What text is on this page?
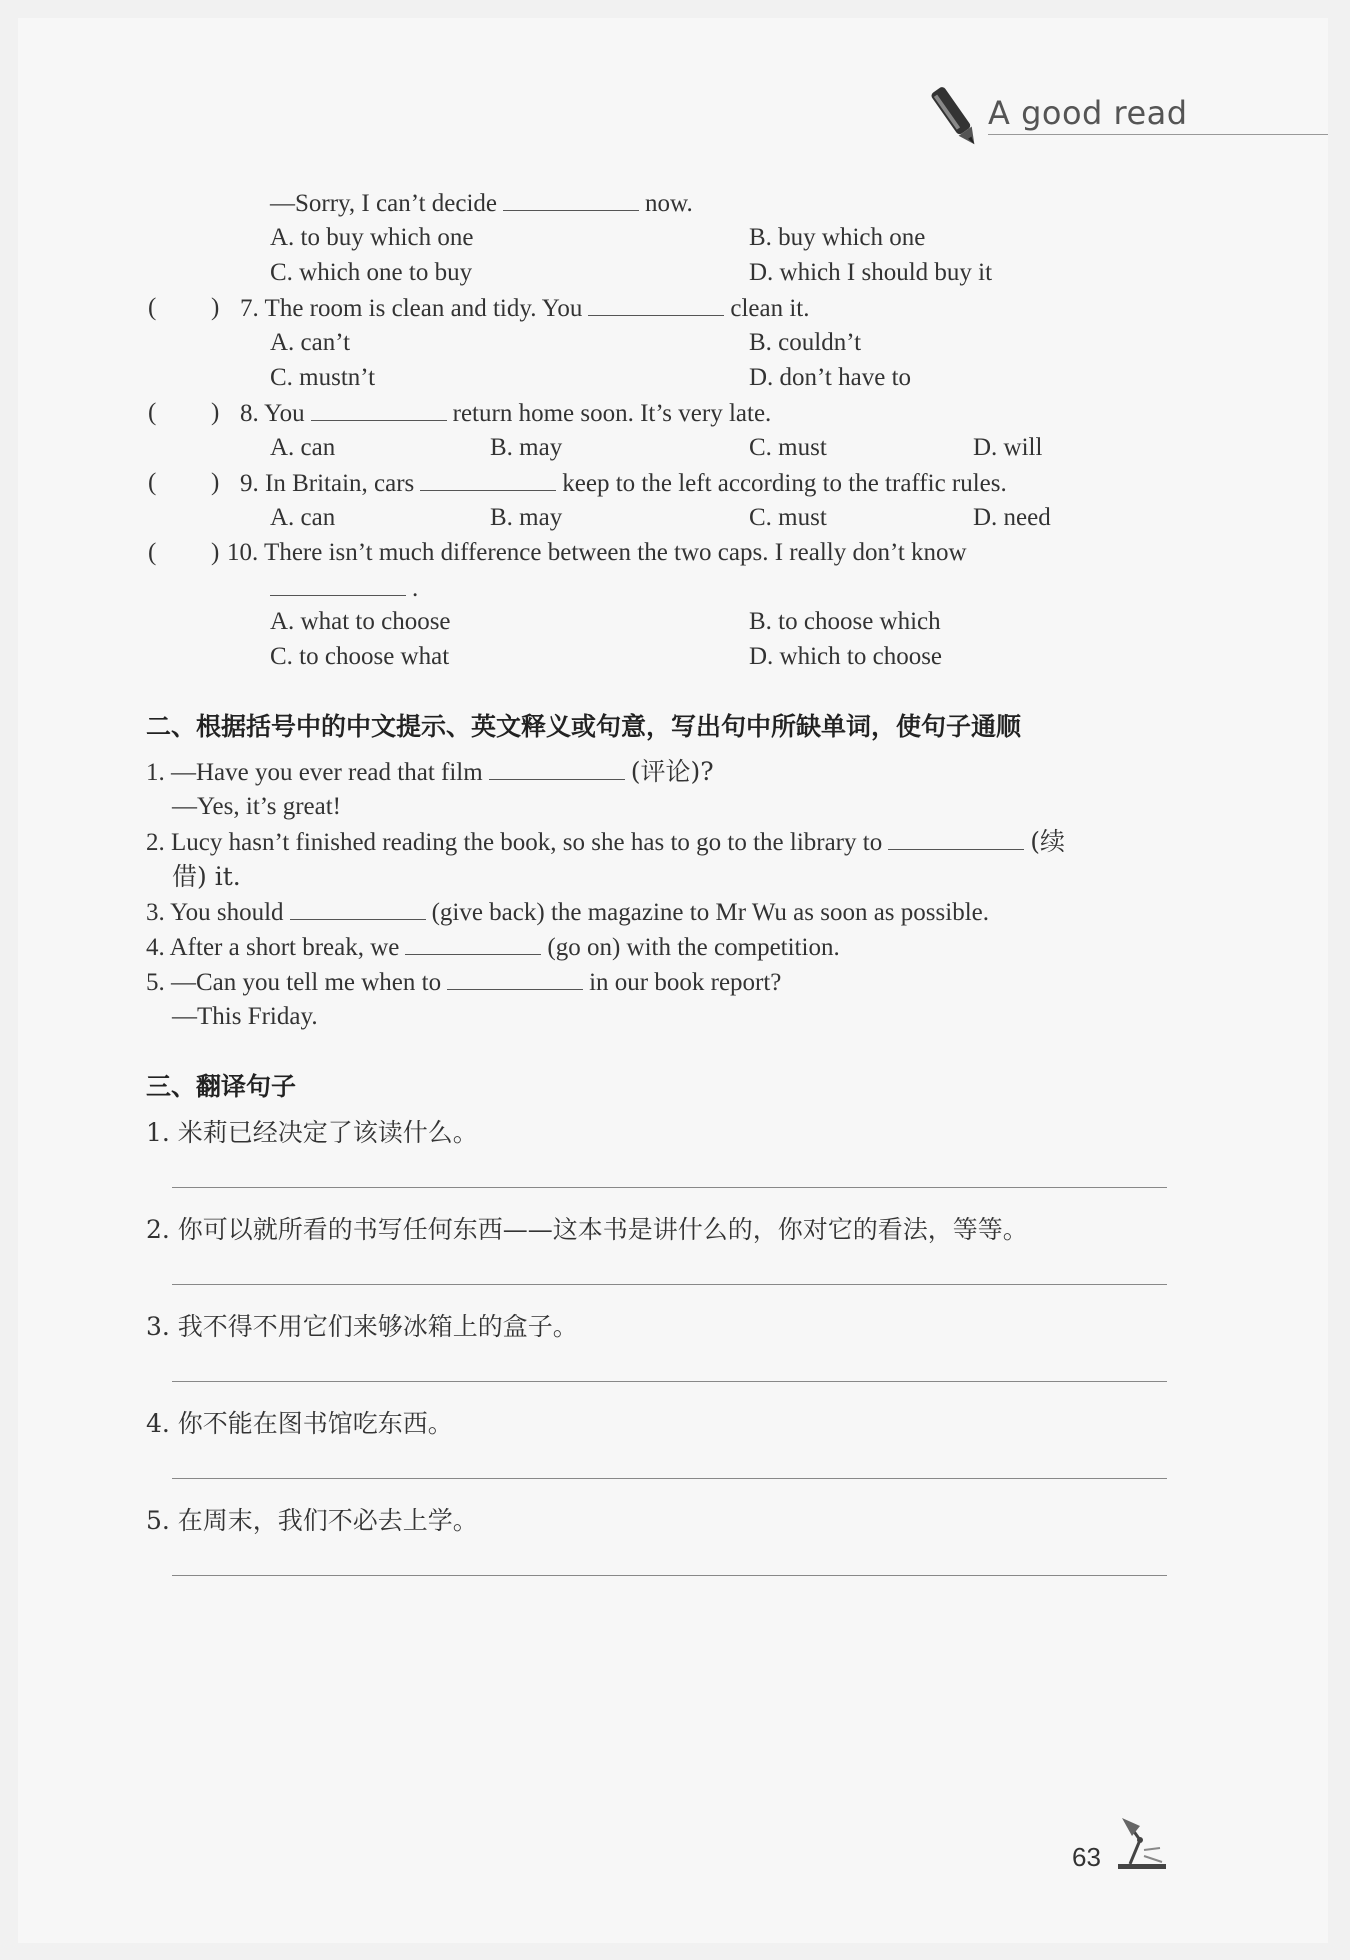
A good read
—Sorry, I can’t decide	now.
A. to buy which one	B. buy which one
C. which one to buy	D. which I should buy it
( ) 7. The room is clean and tidy. You	clean it.
A. can’t	B. couldn’t
C. mustn’t	D. don’t have to
( ) 8. You	return home soon. It’s very late.
A. can	B. may	C. must	D. will
( ) 9. In Britain, cars	keep to the left according to the traffic rules.
A. can	B. may	C. must	D. need
( ) 10. There isn’t much difference between the two caps. I really don’t know
.
A. what to choose	B. to choose which
C. to choose what	D. which to choose
二、根据括号中的中文提示、英文释义或句意，写出句中所缺单词，使句子通顺
1. —Have you ever read that film	(评论)?
—Yes, it’s great!
2. Lucy hasn’t finished reading the book, so she has to go to the library to	(续
借) it.
3. You should	(give back) the magazine to Mr Wu as soon as possible.
4. After a short break, we	(go on) with the competition.
5. —Can you tell me when to	in our book report?
—This Friday.
三、翻译句子
1. 米莉已经决定了该读什么。
2. 你可以就所看的书写任何东西——这本书是讲什么的，你对它的看法，等等。
3. 我不得不用它们来够冰箱上的盒子。
4. 你不能在图书馆吃东西。
5. 在周末，我们不必去上学。
63
